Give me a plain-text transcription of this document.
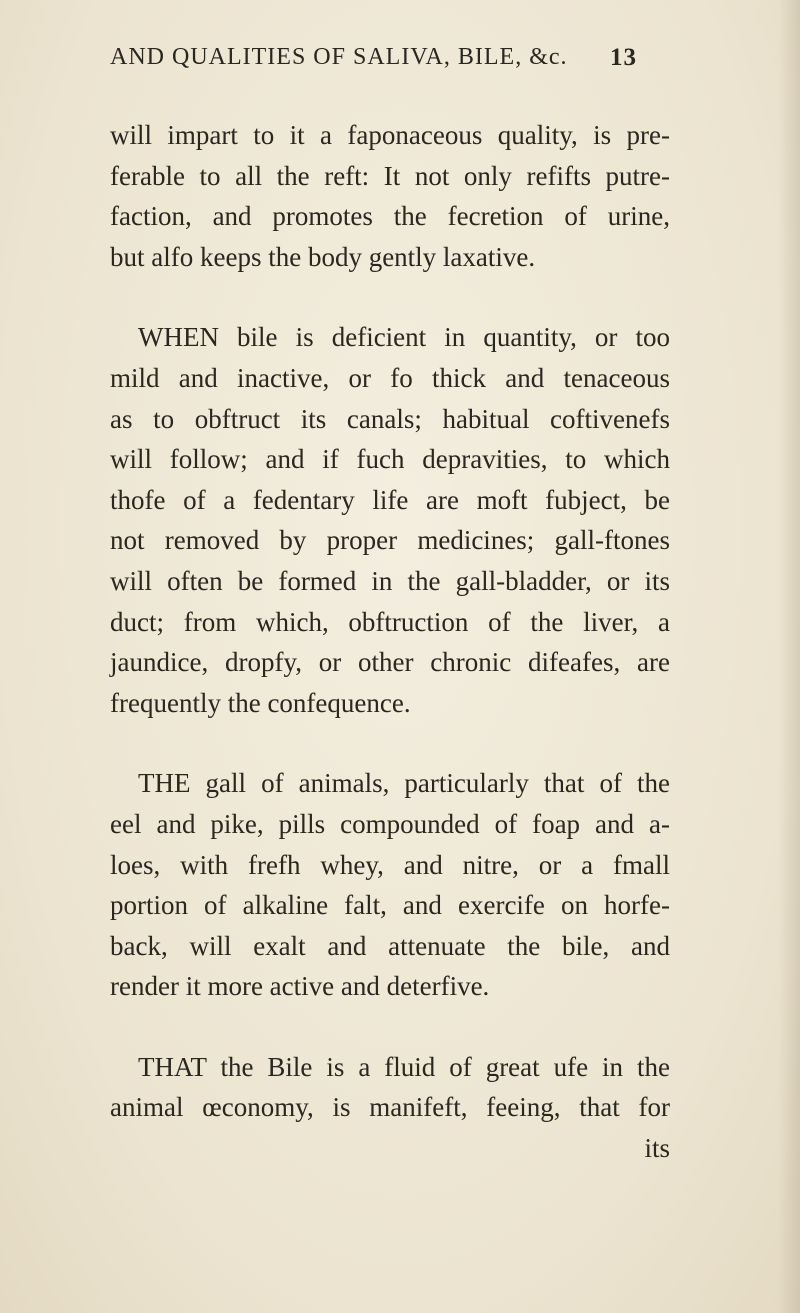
AND QUALITIES OF SALIVA, BILE, &c. 13

will impart to it a faponaceous quality, is pre-
ferable to all the reft: It not only refifts putre-
faction, and promotes the fecretion of urine,
but alfo keeps the body gently laxative.

WHEN bile is deficient in quantity, or too
mild and inactive, or fo thick and tenaceous
as to obftruct its canals; habitual coftivenefs
will follow; and if fuch depravities, to which
thofe of a fedentary life are moft fubject, be
not removed by proper medicines; gall-ftones
will often be formed in the gall-bladder, or its
duct; from which, obftruction of the liver, a
jaundice, dropfy, or other chronic difeafes, are
frequently the confequence.

THE gall of animals, particularly that of the
eel and pike, pills compounded of foap and a-
loes, with frefh whey, and nitre, or a fmall
portion of alkaline falt, and exercife on horfe-
back, will exalt and attenuate the bile, and
render it more active and deterfive.

THAT the Bile is a fluid of great ufe in the
animal œconomy, is manifeft, feeing, that for
its
